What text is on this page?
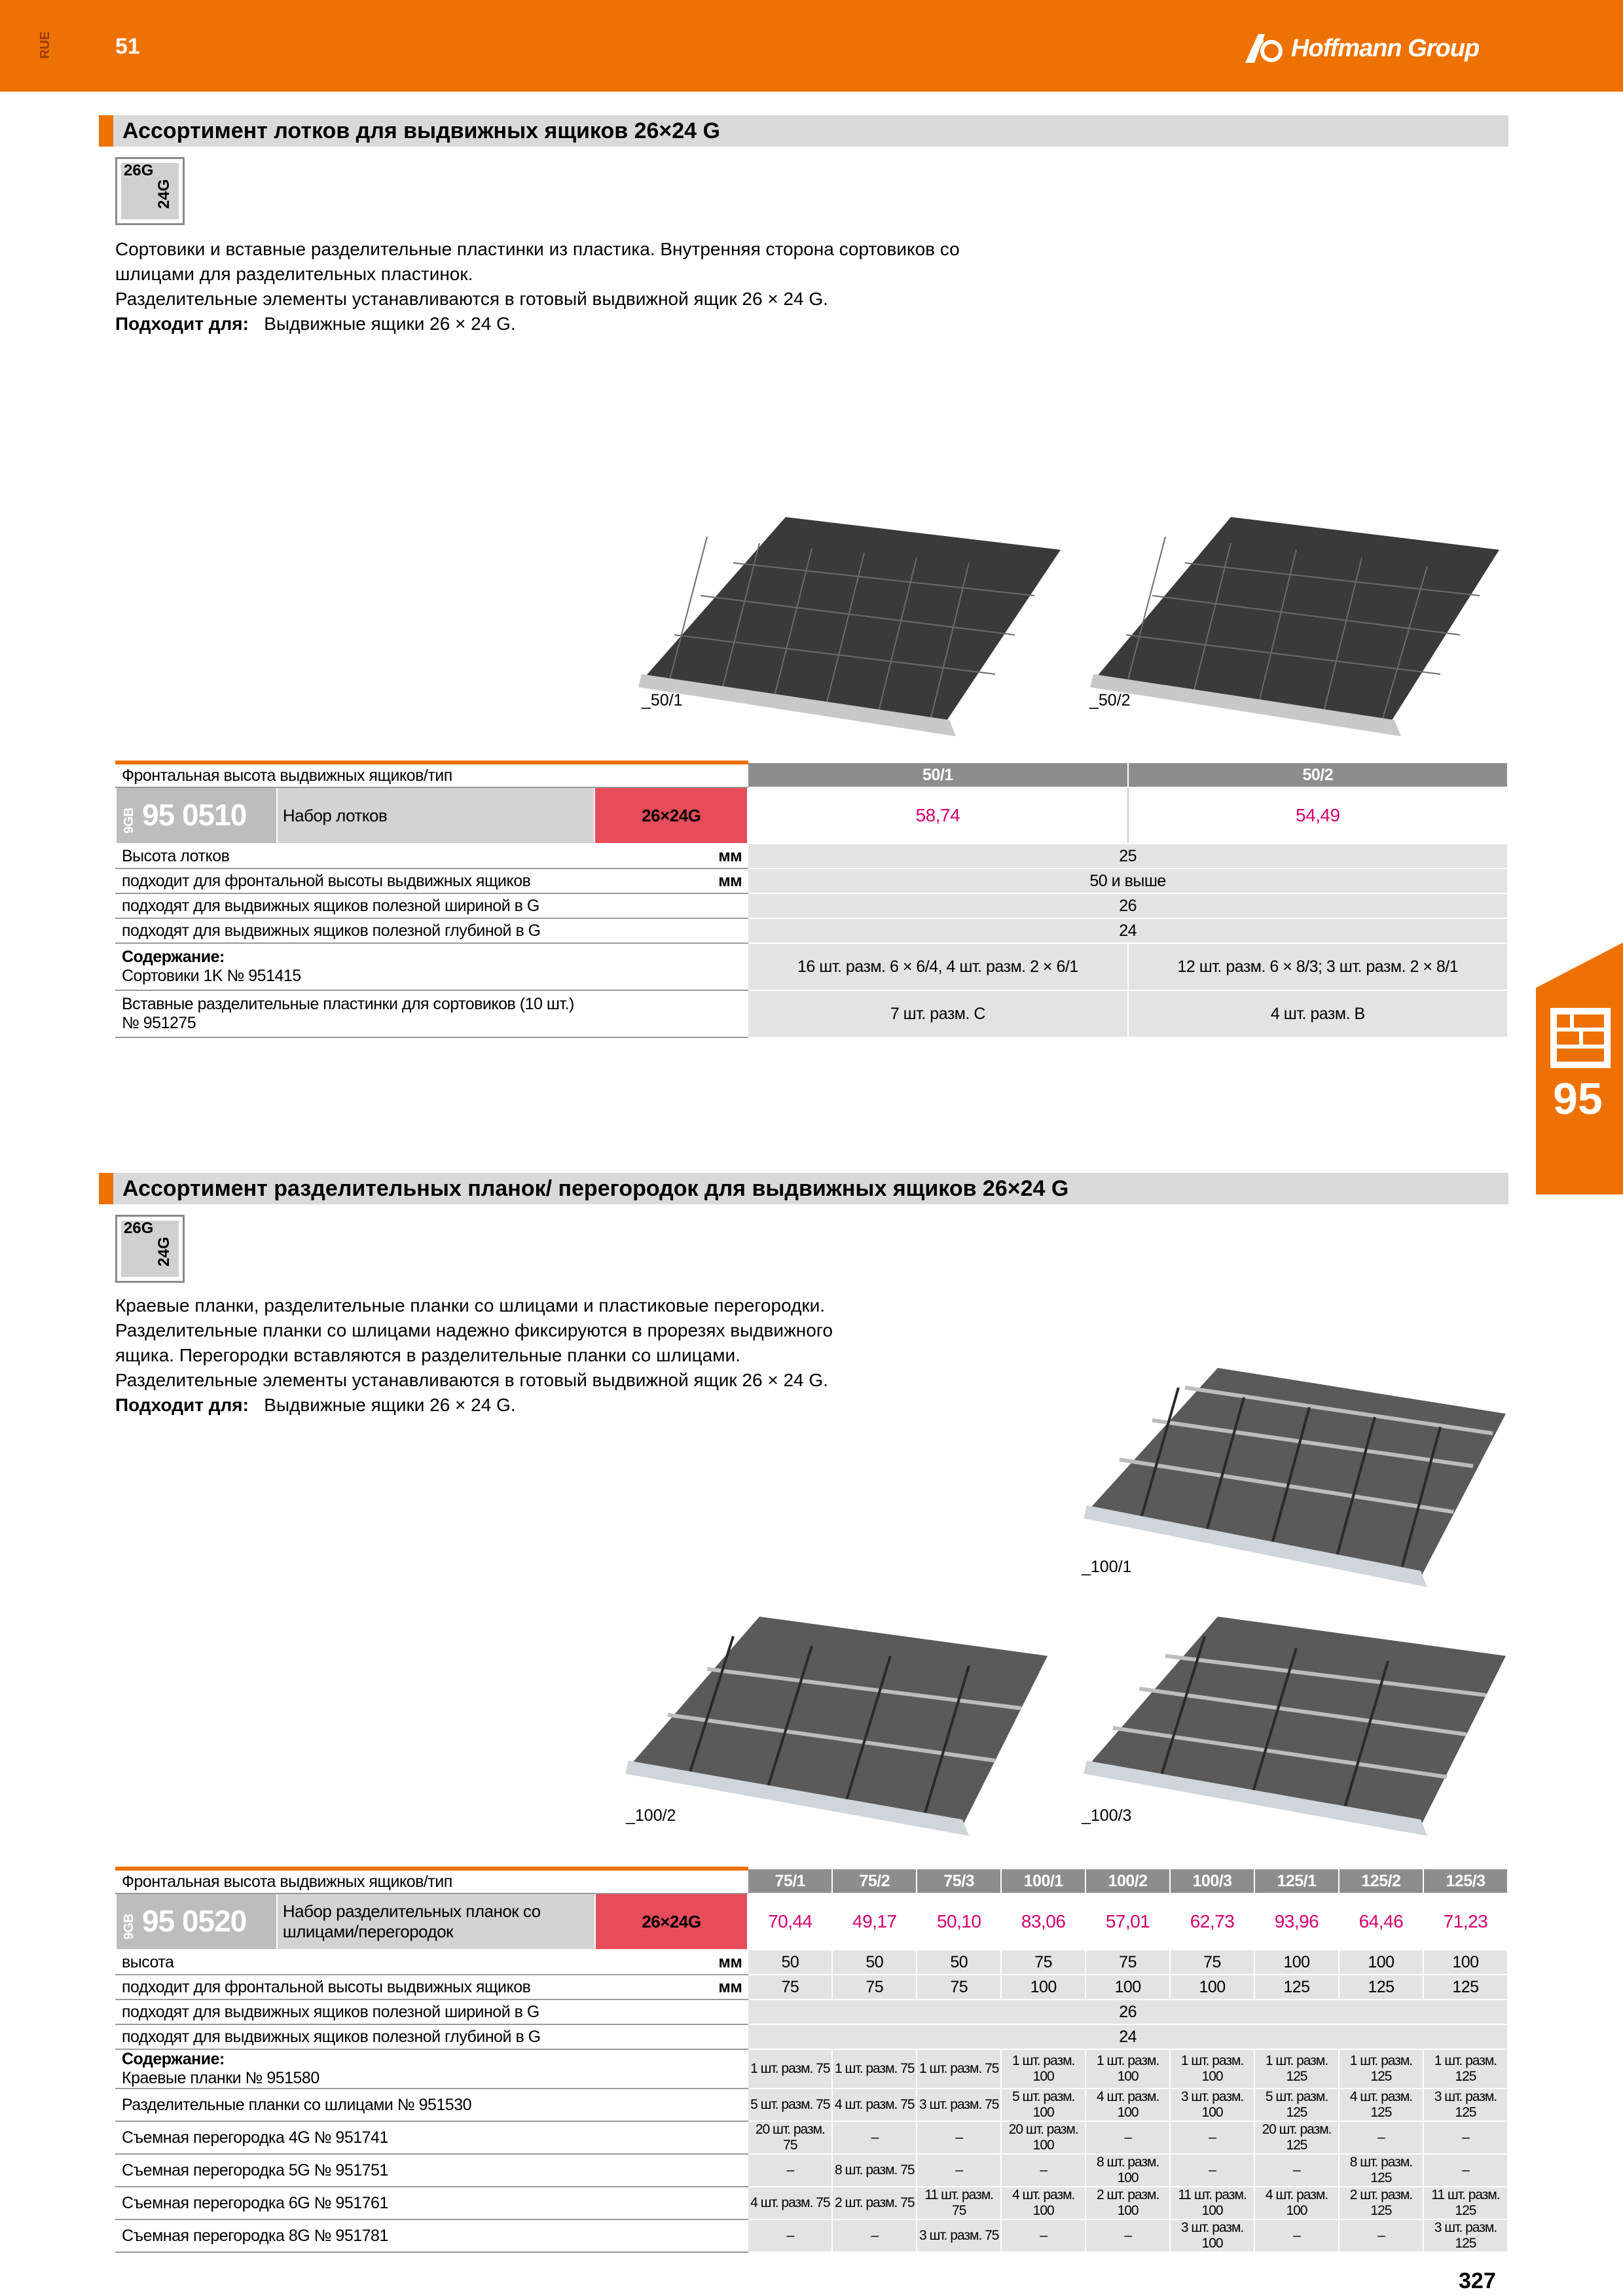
RUE	51	Hoffmann Group
Ассортимент лотков для выдвижных ящиков 26×24 G
26G
24G
Сортовики и вставные разделительные пластинки из пластика. Внутренняя сторона сортовиков со
шлицами для разделительных пластинок.
Разделительные элементы устанавливаются в готовый выдвижной ящик 26 × 24 G.
Подходит для: Выдвижные ящики 26 × 24 G.
_50/1	_50/2
Фронтальная высота выдвижных ящиков/тип			50/1	50/2
9GB 95 0510	Набор лотков	26×24G	58,74	54,49
Высота лотков		мм	25	
подходит для фронтальной высоты выдвижных ящиков		мм	50 и выше	
подходят для выдвижных ящиков полезной шириной в G			26	
подходят для выдвижных ящиков полезной глубиной в G			24	
Содержание:
Сортовики 1K № 951415			16 шт. разм. 6 × 6/4, 4 шт. разм. 2 × 6/1	12 шт. разм. 6 × 8/3; 3 шт. разм. 2 × 8/1
Вставные разделительные пластинки для сортовиков (10 шт.)
№ 951275			7 шт. разм. C	4 шт. разм. B
95
Ассортимент разделительных планок/ перегородок для выдвижных ящиков 26×24 G
26G
24G
Краевые планки, разделительные планки со шлицами и пластиковые перегородки.
Разделительные планки со шлицами надежно фиксируются в прорезях выдвижного
ящика. Перегородки вставляются в разделительные планки со шлицами.
Разделительные элементы устанавливаются в готовый выдвижной ящик 26 × 24 G.
Подходит для: Выдвижные ящики 26 × 24 G.
_100/1
_100/2	_100/3
Фронтальная высота выдвижных ящиков/тип			75/1	75/2	75/3	100/1	100/2	100/3	125/1	125/2	125/3
9GB 95 0520	Набор разделительных планок со
шлицами/перегородок	26×24G	70,44	49,17	50,10	83,06	57,01	62,73	93,96	64,46	71,23
высота		мм	50	50	50	75	75	75	100	100	100
подходит для фронтальной высоты выдвижных ящиков		мм	75	75	75	100	100	100	125	125	125
подходят для выдвижных ящиков полезной шириной в G			26								
подходят для выдвижных ящиков полезной глубиной в G			24								
Содержание:
Краевые планки № 951580			1 шт. разм. 75	1 шт. разм. 75	1 шт. разм. 75	1 шт. разм. 100	1 шт. разм. 100	1 шт. разм. 100	1 шт. разм. 125	1 шт. разм. 125	1 шт. разм. 125
Разделительные планки со шлицами № 951530			5 шт. разм. 75	4 шт. разм. 75	3 шт. разм. 75	5 шт. разм. 100	4 шт. разм. 100	3 шт. разм. 100	5 шт. разм. 125	4 шт. разм. 125	3 шт. разм. 125
Съемная перегородка 4G № 951741			20 шт. разм. 75	–	–	20 шт. разм. 100	–	–	20 шт. разм. 125	–	–
Съемная перегородка 5G № 951751			–	8 шт. разм. 75	–	–	8 шт. разм. 100	–	–	8 шт. разм. 125	–
Съемная перегородка 6G № 951761			4 шт. разм. 75	2 шт. разм. 75	11 шт. разм. 75	4 шт. разм. 100	2 шт. разм. 100	11 шт. разм. 100	4 шт. разм. 100	2 шт. разм. 125	11 шт. разм. 125
Съемная перегородка 8G № 951781			–	–	3 шт. разм. 75	–	–	3 шт. разм. 100	–	–	3 шт. разм. 125
327
